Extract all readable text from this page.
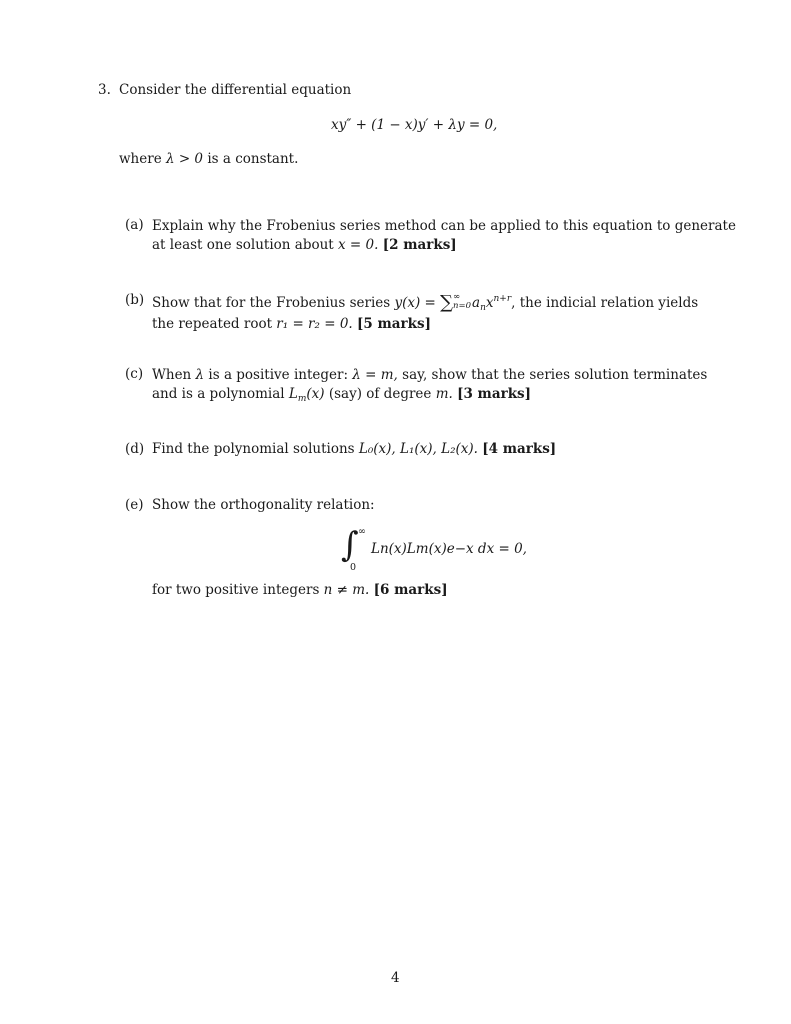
3. Consider the differential equation
xy″ + (1 − x)y′ + λy = 0,
where λ > 0 is a constant.
(a) Explain why the Frobenius series method can be applied to this equation to generate
at least one solution about x = 0. [2 marks]
(b) Show that for the Frobenius series y(x) = ∑ ∞
n=0 $a_nx^{n+r}$, the indicial relation yields
the repeated root r₁ = r₂ = 0. [5 marks]
(c) When λ is a positive integer: λ = m, say, show that the series solution terminates
and is a polynomial $L_m(x)$ (say) of degree m. [3 marks]
(d) Find the polynomial solutions L₀(x), L₁(x), L₂(x). [4 marks]
(e) Show the orthogonality relation:
∫ ∞
0
Ln(x)Lm(x)e−x dx = 0,
for two positive integers n ≠ m. [6 marks]
4
